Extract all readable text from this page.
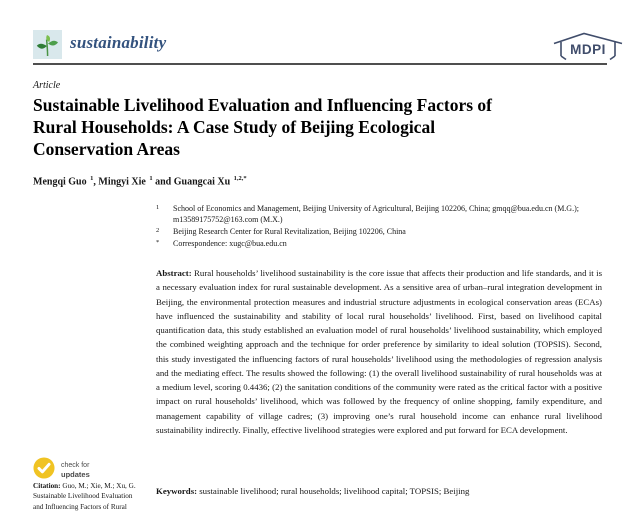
sustainability	MDPI
Article
Sustainable Livelihood Evaluation and Influencing Factors of
Rural Households: A Case Study of Beijing Ecological
Conservation Areas
Mengqi Guo $^1$, Mingyi Xie $^1$ and Guangcai Xu $^{1,2,*}$
1 School of Economics and Management, Beijing University of Agricultural, Beijing 102206, China; gmqq@bua.edu.cn (M.G.); m13589175752@163.com (M.X.)
2 Beijing Research Center for Rural Revitalization, Beijing 102206, China
* Correspondence: xugc@bua.edu.cn
Abstract: Rural households’ livelihood sustainability is the core issue that affects their production and life standards, and it is a necessary evaluation index for rural sustainable development. As a sensitive area of urban–rural integration development in Beijing, the environmental protection measures and industrial structure adjustments in ecological conservation areas (ECAs) have influenced the sustainability and stability of local rural households’ livelihood. First, based on livelihood capital quantification data, this study established an evaluation model of rural households’ livelihood sustainability, which employed the combined weighting approach and the technique for order preference by similarity to ideal solution (TOPSIS). Second, this study investigated the influencing factors of rural households’ livelihood using the methodologies of regression analysis and the mediating effect. The results showed the following: (1) the overall livelihood sustainability of rural households was at a medium level, scoring 0.4436; (2) the sanitation conditions of the community were rated as the critical factor with a positive impact on rural households’ livelihood, which was followed by the frequency of online shopping, family expenditure, and management capability of village cadres; (3) improving one’s rural household income can enhance rural livelihood sustainability indirectly. Finally, effective livelihood strategies were explored and put forward for ECA development.
Keywords: sustainable livelihood; rural households; livelihood capital; TOPSIS; Beijing
check for
updates
Citation: Guo, M.; Xie, M.; Xu, G.
Sustainable Livelihood Evaluation
and Influencing Factors of Rural
